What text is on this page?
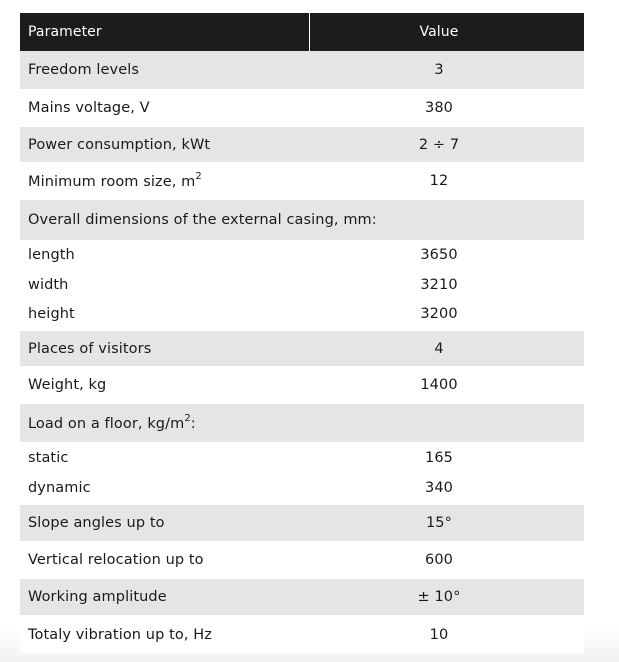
Parameter	Value
Freedom levels	3
Mains voltage, V	380
Power consumption, kWt	2 ÷ 7
Minimum room size, $m^2$	12
Overall dimensions of the external casing, mm:
length	3650
width	3210
height	3200
Places of visitors	4
Weight, kg	1400
Load on a floor, $kg/m^2$:
static	165
dynamic	340
Slope angles up to	15°
Vertical relocation up to	600
Working amplitude	± 10°
Totaly vibration up to, Hz	10
